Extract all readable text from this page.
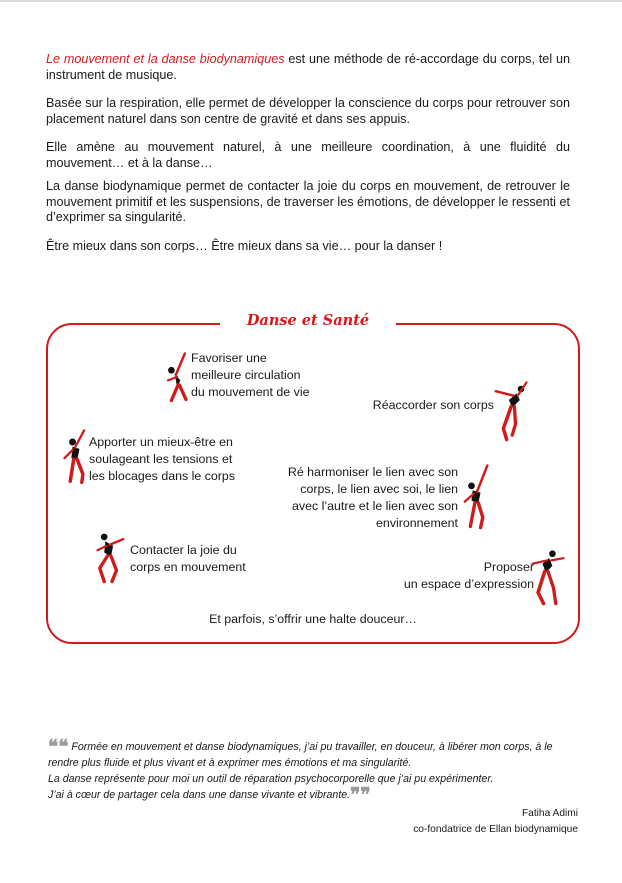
Le mouvement et la danse biodynamiques est une méthode de ré-accordage du corps, tel un instrument de musique.

Basée sur la respiration, elle permet de développer la conscience du corps pour retrouver son placement naturel dans son centre de gravité et dans ses appuis.

Elle amène au mouvement naturel, à une meilleure coordination, à une fluidité du mouvement… et à la danse…

La danse biodynamique permet de contacter la joie du corps en mouvement, de retrouver le mouvement primitif et les suspensions, de traverser les émotions, de développer le ressenti et d’exprimer sa singularité.

Être mieux dans son corps… Être mieux dans sa vie… pour la danser !

Danse et Santé
Favoriser une
meilleure circulation
du mouvement de vie
Réaccorder son corps
Apporter un mieux-être en
soulageant les tensions et
les blocages dans le corps	Ré harmoniser le lien avec son
corps, le lien avec soi, le lien
avec l’autre et le lien avec son
environnement
Contacter la joie du
corps en mouvement	Proposer
un espace d’expression
Et parfois, s’offrir une halte douceur…

❝❝ Formée en mouvement et danse biodynamiques, j’ai pu travailler, en douceur, à libérer mon corps, à le rendre plus fluide et plus vivant et à exprimer mes émotions et ma singularité.

La danse représente pour moi un outil de réparation psychocorporelle que j’ai pu expérimenter.

J’ai à cœur de partager cela dans une danse vivante et vibrante.❞❞

Fatiha Adimi
co-fondatrice de Ellan biodynamique
